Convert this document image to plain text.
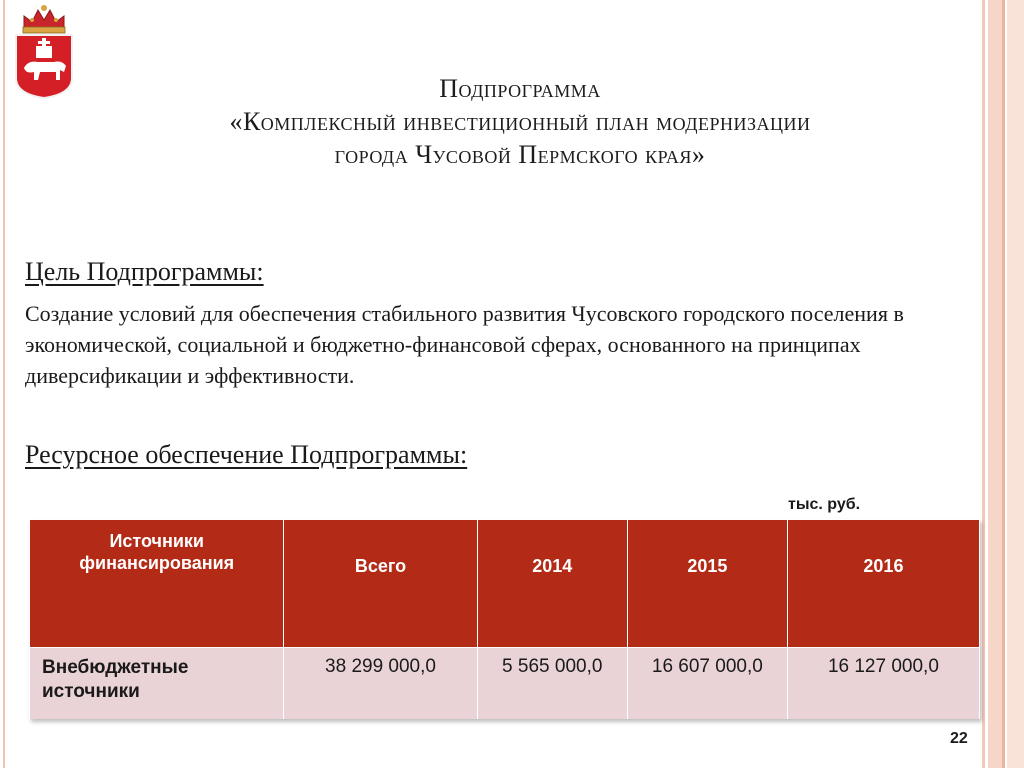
Подпрограмма
«Комплексный инвестиционный план модернизации
города Чусовой Пермского края»
Цель Подпрограммы:
Создание условий для обеспечения стабильного развития Чусовского городского поселения в экономической, социальной и бюджетно-финансовой сферах, основанного на принципах диверсификации и эффективности.
Ресурсное обеспечение Подпрограммы:
тыс. руб.
Источники финансирования	Всего	2014	2015	2016
Внебюджетные источники	38 299 000,0	5 565 000,0	16 607 000,0	16 127 000,0
22
